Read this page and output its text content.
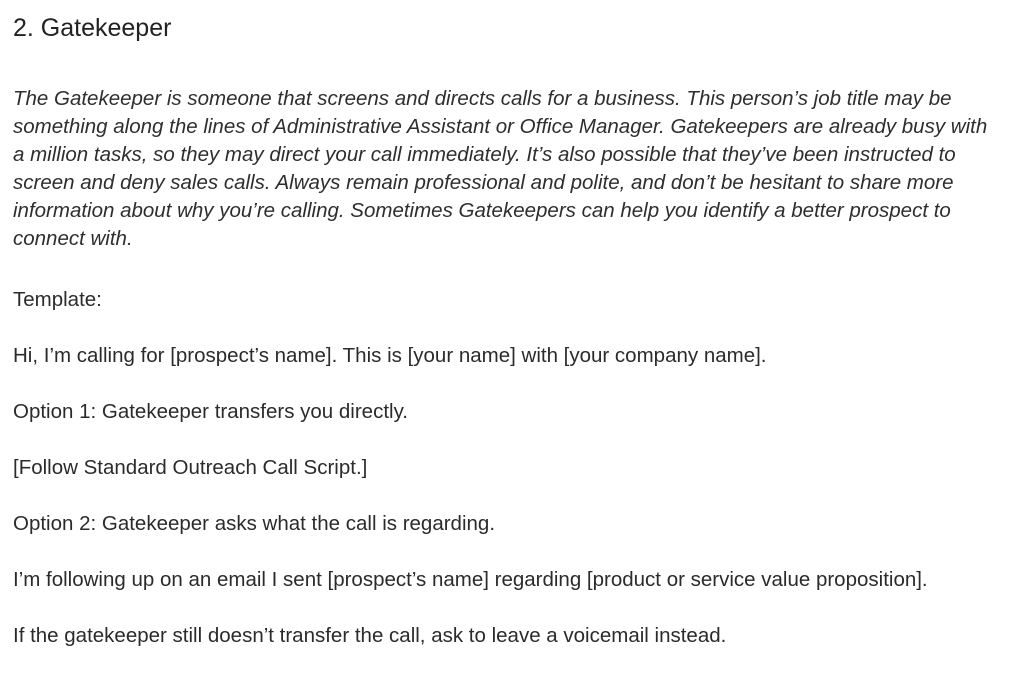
2. Gatekeeper

The Gatekeeper is someone that screens and directs calls for a business. This person’s job title may be something along the lines of Administrative Assistant or Office Manager. Gatekeepers are already busy with a million tasks, so they may direct your call immediately. It’s also possible that they’ve been instructed to screen and deny sales calls. Always remain professional and polite, and don’t be hesitant to share more information about why you’re calling. Sometimes Gatekeepers can help you identify a better prospect to connect with.

Template:

Hi, I’m calling for [prospect’s name]. This is [your name] with [your company name].

Option 1: Gatekeeper transfers you directly.

[Follow Standard Outreach Call Script.]

Option 2: Gatekeeper asks what the call is regarding.

I’m following up on an email I sent [prospect’s name] regarding [product or service value proposition].

If the gatekeeper still doesn’t transfer the call, ask to leave a voicemail instead.
